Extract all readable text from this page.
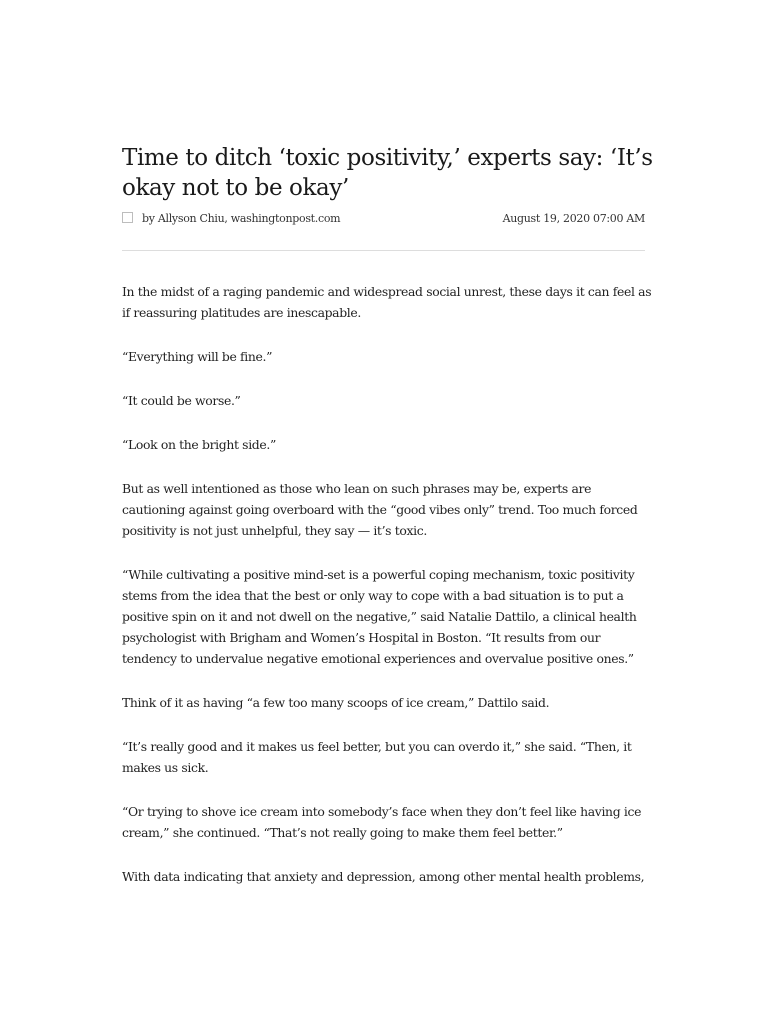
Time to ditch ‘toxic positivity,’ experts say: ‘It’s okay not to be okay’
by Allyson Chiu, washingtonpost.com	August 19, 2020 07:00 AM

In the midst of a raging pandemic and widespread social unrest, these days it can feel as if reassuring platitudes are inescapable.

“Everything will be fine.”

“It could be worse.”

“Look on the bright side.”

But as well intentioned as those who lean on such phrases may be, experts are cautioning against going overboard with the “good vibes only” trend. Too much forced positivity is not just unhelpful, they say — it’s toxic.

“While cultivating a positive mind-set is a powerful coping mechanism, toxic positivity stems from the idea that the best or only way to cope with a bad situation is to put a positive spin on it and not dwell on the negative,” said Natalie Dattilo, a clinical health psychologist with Brigham and Women’s Hospital in Boston. “It results from our tendency to undervalue negative emotional experiences and overvalue positive ones.”

Think of it as having “a few too many scoops of ice cream,” Dattilo said.

“It’s really good and it makes us feel better, but you can overdo it,” she said. “Then, it makes us sick.

“Or trying to shove ice cream into somebody’s face when they don’t feel like having ice cream,” she continued. “That’s not really going to make them feel better.”

With data indicating that anxiety and depression, among other mental health problems,
